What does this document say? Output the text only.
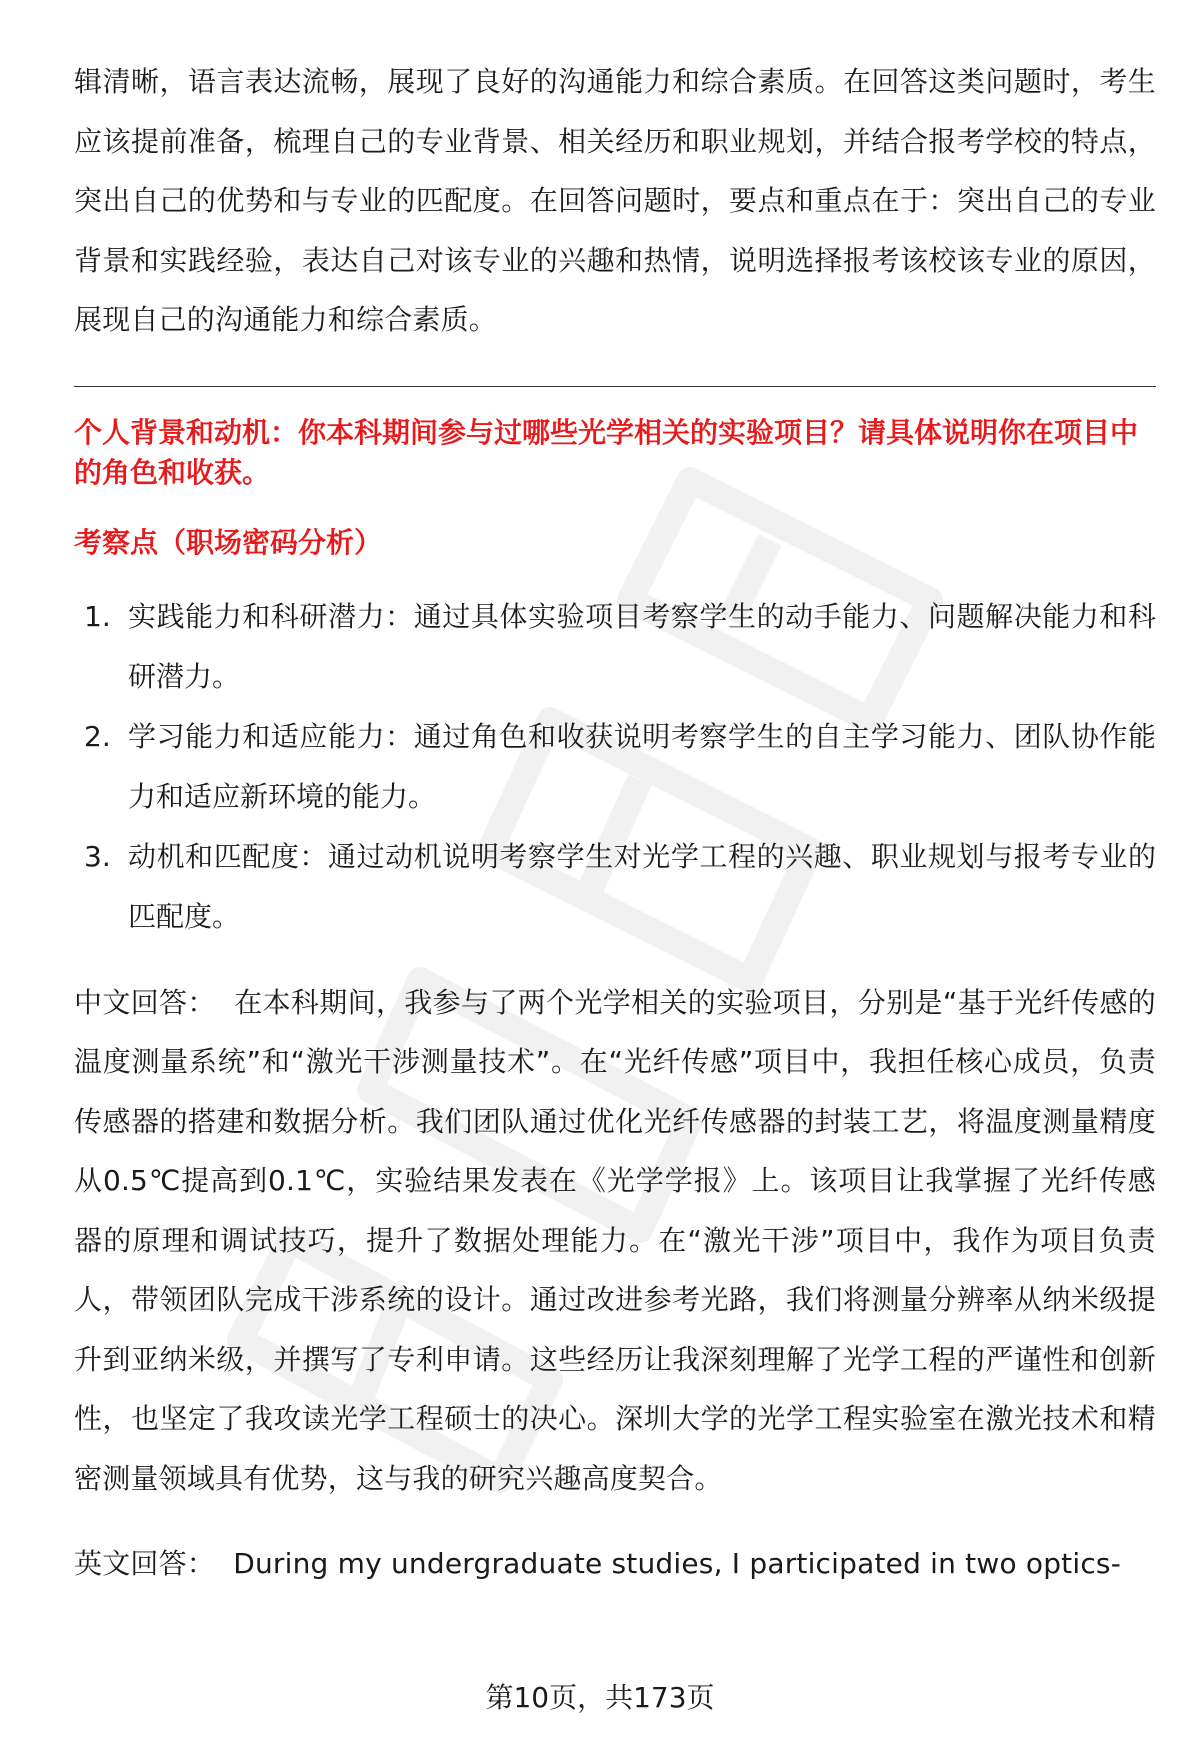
辑清晰，语言表达流畅，展现了良好的沟通能力和综合素质。在回答这类问题时，考生应该提前准备，梳理自己的专业背景、相关经历和职业规划，并结合报考学校的特点，突出自己的优势和与专业的匹配度。在回答问题时，要点和重点在于：突出自己的专业背景和实践经验，表达自己对该专业的兴趣和热情，说明选择报考该校该专业的原因，展现自己的沟通能力和综合素质。

个人背景和动机：你本科期间参与过哪些光学相关的实验项目？请具体说明你在项目中的角色和收获。

考察点（职场密码分析）

1. 实践能力和科研潜力：通过具体实验项目考察学生的动手能力、问题解决能力和科研潜力。
2. 学习能力和适应能力：通过角色和收获说明考察学生的自主学习能力、团队协作能力和适应新环境的能力。
3. 动机和匹配度：通过动机说明考察学生对光学工程的兴趣、职业规划与报考专业的匹配度。

中文回答： 在本科期间，我参与了两个光学相关的实验项目，分别是“基于光纤传感的温度测量系统”和“激光干涉测量技术”。在“光纤传感”项目中，我担任核心成员，负责传感器的搭建和数据分析。我们团队通过优化光纤传感器的封装工艺，将温度测量精度从0.5℃提高到0.1℃，实验结果发表在《光学学报》上。该项目让我掌握了光纤传感器的原理和调试技巧，提升了数据处理能力。在“激光干涉”项目中，我作为项目负责人，带领团队完成干涉系统的设计。通过改进参考光路，我们将测量分辨率从纳米级提升到亚纳米级，并撰写了专利申请。这些经历让我深刻理解了光学工程的严谨性和创新性，也坚定了我攻读光学工程硕士的决心。深圳大学的光学工程实验室在激光技术和精密测量领域具有优势，这与我的研究兴趣高度契合。

英文回答： During my undergraduate studies, I participated in two optics-

第10页，共173页
